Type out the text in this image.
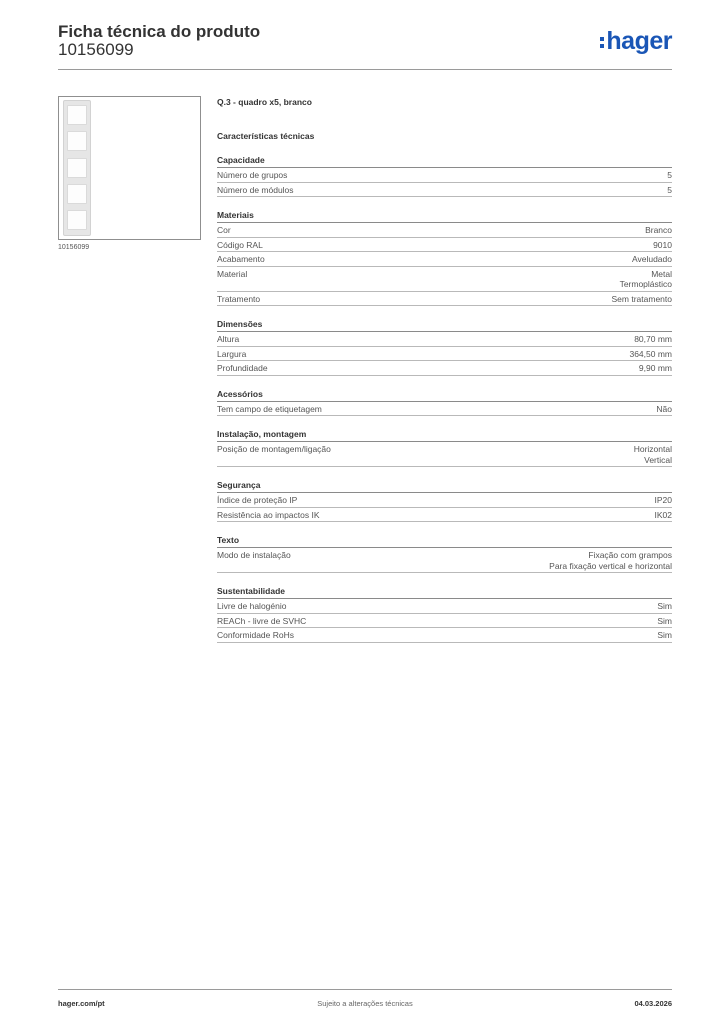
Ficha técnica do produto
10156099	hager
10156099
Q.3 - quadro x5, branco
Características técnicas
Capacidade
Número de grupos	5
Número de módulos	5
Materiais
Cor	Branco
Código RAL	9010
Acabamento	Aveludado
Material	Metal
Termoplástico
Tratamento	Sem tratamento
Dimensões
Altura	80,70 mm
Largura	364,50 mm
Profundidade	9,90 mm
Acessórios
Tem campo de etiquetagem	Não
Instalação, montagem
Posição de montagem/ligação	Horizontal
Vertical
Segurança
Índice de proteção IP	IP20
Resistência ao impactos IK	IK02
Texto
Modo de instalação	Fixação com grampos
Para fixação vertical e horizontal
Sustentabilidade
Livre de halogénio	Sim
REACh - livre de SVHC	Sim
Conformidade RoHs	Sim
hager.com/pt	Sujeito a alterações técnicas	04.03.2026
